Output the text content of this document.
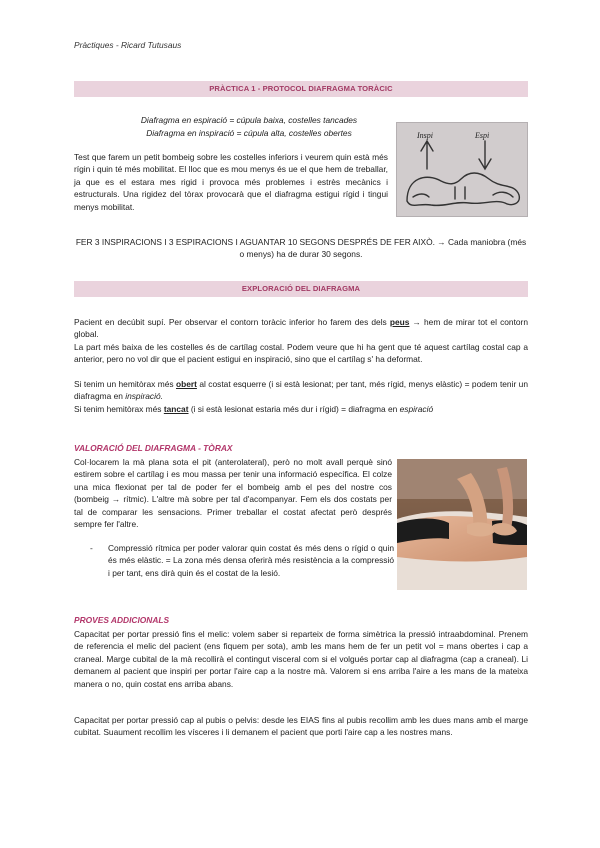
Pràctiques - Ricard Tutusaus
PRÀCTICA 1 - PROTOCOL DIAFRAGMA TORÀCIC
Diafragma en espiració = cúpula baixa, costelles tancades
Diafragma en inspiració = cúpula alta, costelles obertes	Inspi	Espi
Test que farem un petit bombeig sobre les costelles inferiors i veurem quin està més rígin i quin té més mobilitat. El lloc que es mou menys és ue el que hem de treballar, ja que es el estara mes rigid i provoca més problemes i estrès mecànics i estructurals. Una rigidez del tòrax provocarà que el diafragma estigui rígid i tingui menys mobilitat.
FER 3 INSPIRACIONS I 3 ESPIRACIONS I AGUANTAR 10 SEGONS DESPRÉS DE FER AIXÒ. → Cada maniobra (més o menys) ha de durar 30 segons.
EXPLORACIÓ DEL DIAFRAGMA
Pacient en decúbit supí. Per observar el contorn toràcic inferior ho farem des dels peus → hem de mirar tot el contorn global.
La part més baixa de les costelles és de cartílag costal. Podem veure que hi ha gent que té aquest cartílag costal cap a anterior, pero no vol dir que el pacient estigui en inspiració, sino que el cartílag s' ha deformat.
Si tenim un hemitòrax més obert al costat esquerre (i si està lesionat; per tant, més rígid, menys elàstic) = podem tenir un diafragma en inspiració.
Si tenim hemitòrax més tancat (i si està lesionat estaria més dur i rígid) = diafragma en espiració
VALORACIÓ DEL DIAFRAGMA - TÒRAX
Col·locarem la mà plana sota el pit (anterolateral), però no molt avall perquè sinó estirem sobre el cartílag i es mou massa per tenir una informació específica. El colze una mica flexionat per tal de poder fer el bombeig amb el pes del nostre cos (bombeig → rítmic). L'altre mà sobre per tal d'acompanyar. Fem els dos costats per tal de comparar les sensacions. Primer treballar el costat afectat però després sempre fer l'altre.
- Compressió rítmica per poder valorar quin costat és més dens o rígid o quin és més elàstic. = La zona més densa oferirà més resistència a la compressió i per tant, ens dirà quin és el costat de la lesió.
PROVES ADDICIONALS
Capacitat per portar pressió fins el melic: volem saber si reparteix de forma simètrica la pressió intraabdominal. Prenem de referencia el melic del pacient (ens fiquem per sota), amb les mans hem de fer un petit vol = mans obertes i cap a craneal. Marge cubital de la mà recollirà el contingut visceral com si el volgués portar cap al diafragma (cap a craneal). Li demanem al pacient que inspiri per portar l'aire cap a la nostre mà. Valorem si ens arriba l'aire a les mans de la mateixa manera o no, quin costat ens arriba abans.
Capacitat per portar pressió cap al pubis o pelvis: desde les EIAS fins al pubis recollim amb les dues mans amb el marge cubitat. Suaument recollim les vísceres i li demanem el pacient que porti l'aire cap a les nostres mans.
